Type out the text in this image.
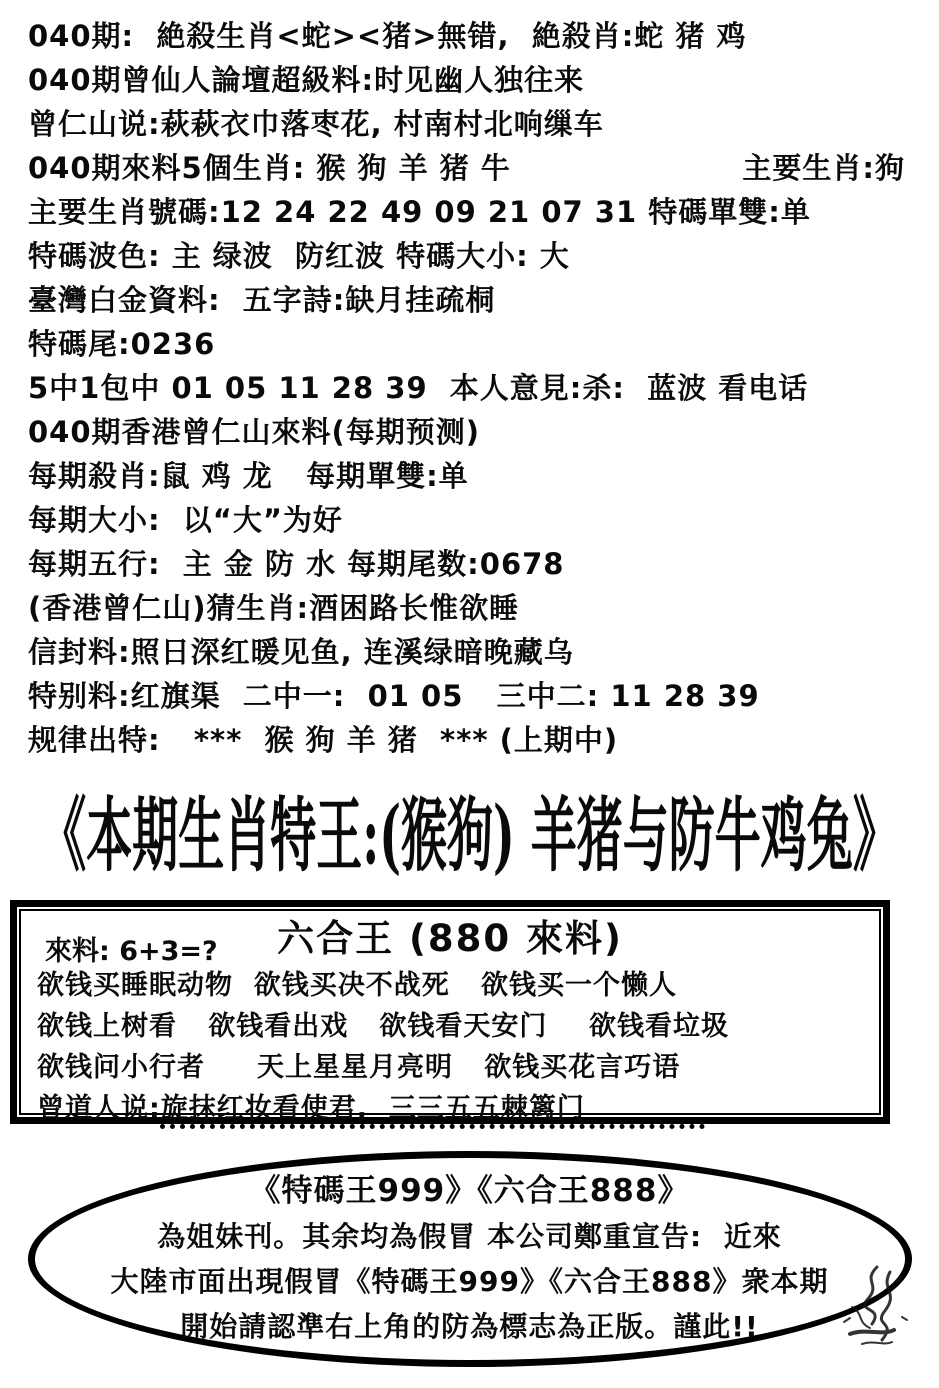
040期:  絶殺生肖<蛇><猪>無错,  絶殺肖:蛇 猪 鸡
040期曾仙人論壇超級料:时见幽人独往来
曾仁山说:萩萩衣巾落枣花, 村南村北响缫车
040期來料5個生肖: 猴 狗 羊 猪 牛	主要生肖:狗
主要生肖號碼:12 24 22 49 09 21 07 31 特碼單雙:单
特碼波色: 主 绿波  防红波 特碼大小: 大
臺灣白金資料:  五字詩:缺月挂疏桐
特碼尾:0236
5中1包中 01 05 11 28 39  本人意見:杀:  蓝波 看电话
040期香港曾仁山來料(每期预测)
每期殺肖:鼠 鸡 龙   每期單雙:单
每期大小:  以“大”为好
每期五行:  主 金 防 水 每期尾数:0678
(香港曾仁山)猜生肖:酒困路长惟欲睡
信封料:照日深红暖见鱼, 连溪绿暗晚藏乌
特别料:红旗渠  二中一:  01 05   三中二: 11 28 39
规律出特:   ***  猴 狗 羊 猪  *** (上期中)
《本期生肖特王:(猴狗) 羊猪与防牛鸡兔》
來料: 6+3=?	六合王 (880 來料)
欲钱买睡眠动物  欲钱买决不战死   欲钱买一个懒人
欲钱上树看   欲钱看出戏   欲钱看天安门    欲钱看垃圾
欲钱问小行者     天上星星月亮明   欲钱买花言巧语
曾道人说:旋抹红妆看使君,  三三五五棘篱门
《特碼王999》《六合王888》
為姐妹刊。其余均為假冒 本公司鄭重宣告:  近來
大陸市面出現假冒《特碼王999》《六合王888》衆本期
開始請認準右上角的防為標志為正版。謹此!!
